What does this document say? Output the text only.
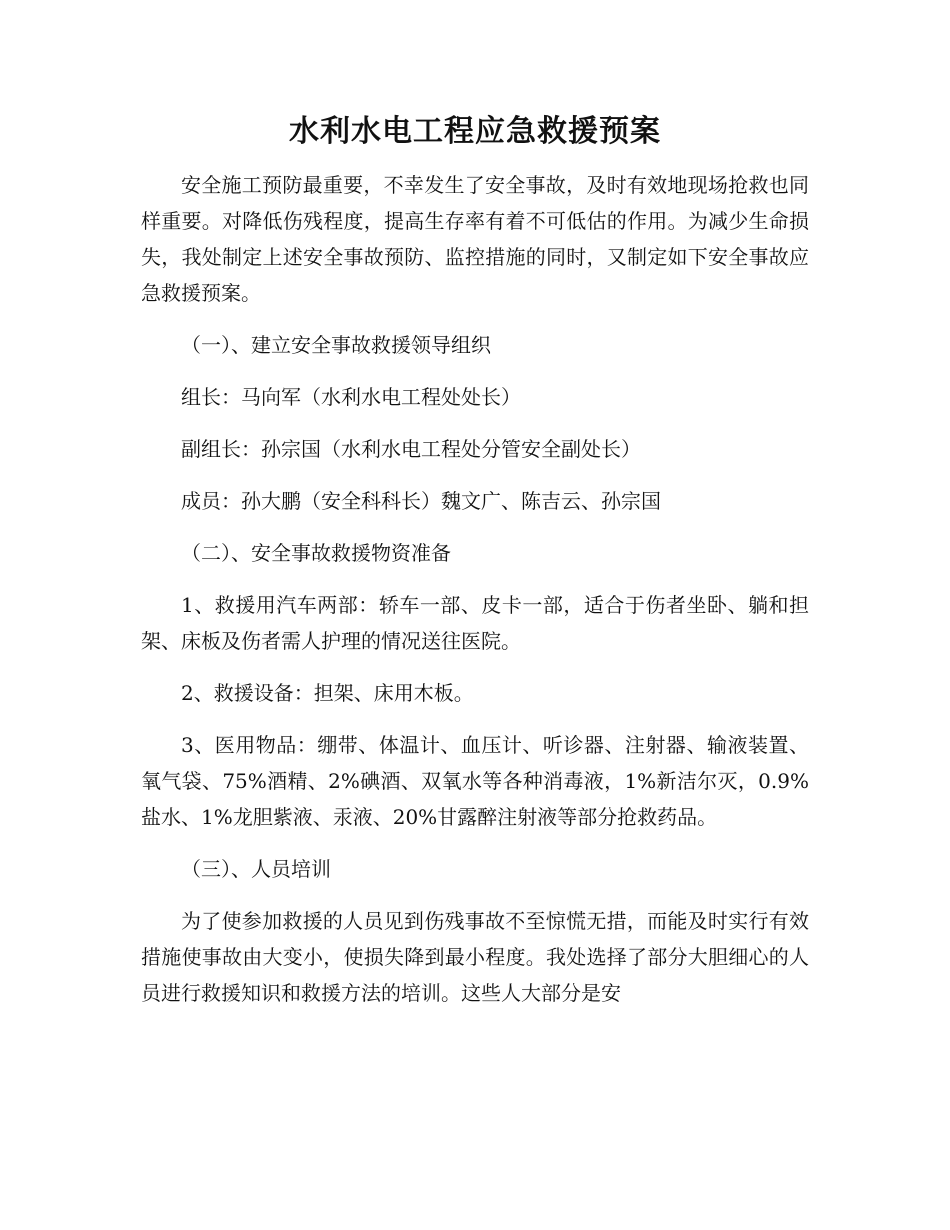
水利水电工程应急救援预案

安全施工预防最重要，不幸发生了安全事故，及时有效地现场抢救也同样重要。对降低伤残程度，提高生存率有着不可低估的作用。为减少生命损失，我处制定上述安全事故预防、监控措施的同时，又制定如下安全事故应急救援预案。

（一）、建立安全事故救援领导组织

组长：马向军（水利水电工程处处长）

副组长：孙宗国（水利水电工程处分管安全副处长）

成员：孙大鹏（安全科科长）魏文广、陈吉云、孙宗国

（二）、安全事故救援物资准备

1、救援用汽车两部：轿车一部、皮卡一部，适合于伤者坐卧、躺和担架、床板及伤者需人护理的情况送往医院。

2、救援设备：担架、床用木板。

3、医用物品：绷带、体温计、血压计、听诊器、注射器、输液装置、氧气袋、75%酒精、2%碘酒、双氧水等各种消毒液，1%新洁尔灭，0.9%盐水、1%龙胆紫液、汞液、20%甘露醉注射液等部分抢救药品。

（三）、人员培训

为了使参加救援的人员见到伤残事故不至惊慌无措，而能及时实行有效措施使事故由大变小，使损失降到最小程度。我处选择了部分大胆细心的人员进行救援知识和救援方法的培训。这些人大部分是安
